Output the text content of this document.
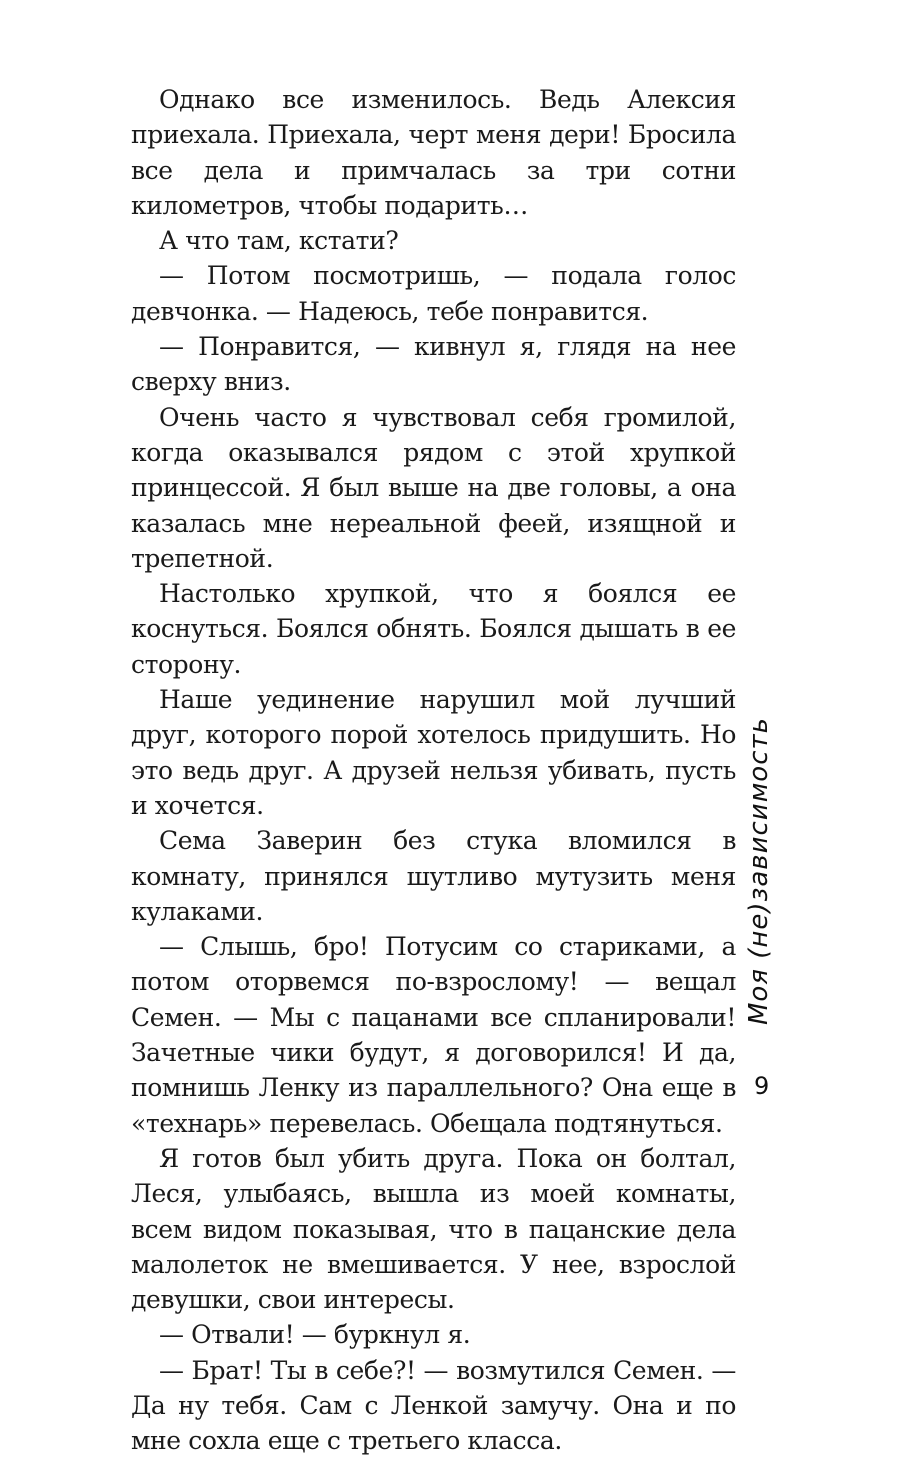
Однако все изменилось. Ведь Алексия приехала. Приехала, черт меня дери! Бросила все дела и примчалась за три сотни километров, чтобы подарить…

А что там, кстати?

— Потом посмотришь, — подала голос девчонка. — Надеюсь, тебе понравится.

— Понравится, — кивнул я, глядя на нее сверху вниз.

Очень часто я чувствовал себя громилой, когда оказывался рядом с этой хрупкой принцессой. Я был выше на две головы, а она казалась мне нереальной феей, изящной и трепетной.

Настолько хрупкой, что я боялся ее коснуться. Боялся обнять. Боялся дышать в ее сторону.

Наше уединение нарушил мой лучший друг, которого порой хотелось придушить. Но это ведь друг. А друзей нельзя убивать, пусть и хочется.

Сема Заверин без стука вломился в комнату, принялся шутливо мутузить меня кулаками.

— Слышь, бро! Потусим со стариками, а потом оторвемся по-взрослому! — вещал Семен. — Мы с пацанами все спланировали! Зачетные чики будут, я договорился! И да, помнишь Ленку из параллельного? Она еще в «технарь» перевелась. Обещала подтянуться.

Я готов был убить друга. Пока он болтал, Леся, улыбаясь, вышла из моей комнаты, всем видом показывая, что в пацанские дела малолеток не вмешивается. У нее, взрослой девушки, свои интересы.

— Отвали! — буркнул я.

— Брат! Ты в себе?! — возмутился Семен. — Да ну тебя. Сам с Ленкой замучу. Она и по мне сохла еще с третьего класса.

Моя (не)зависимость
9
